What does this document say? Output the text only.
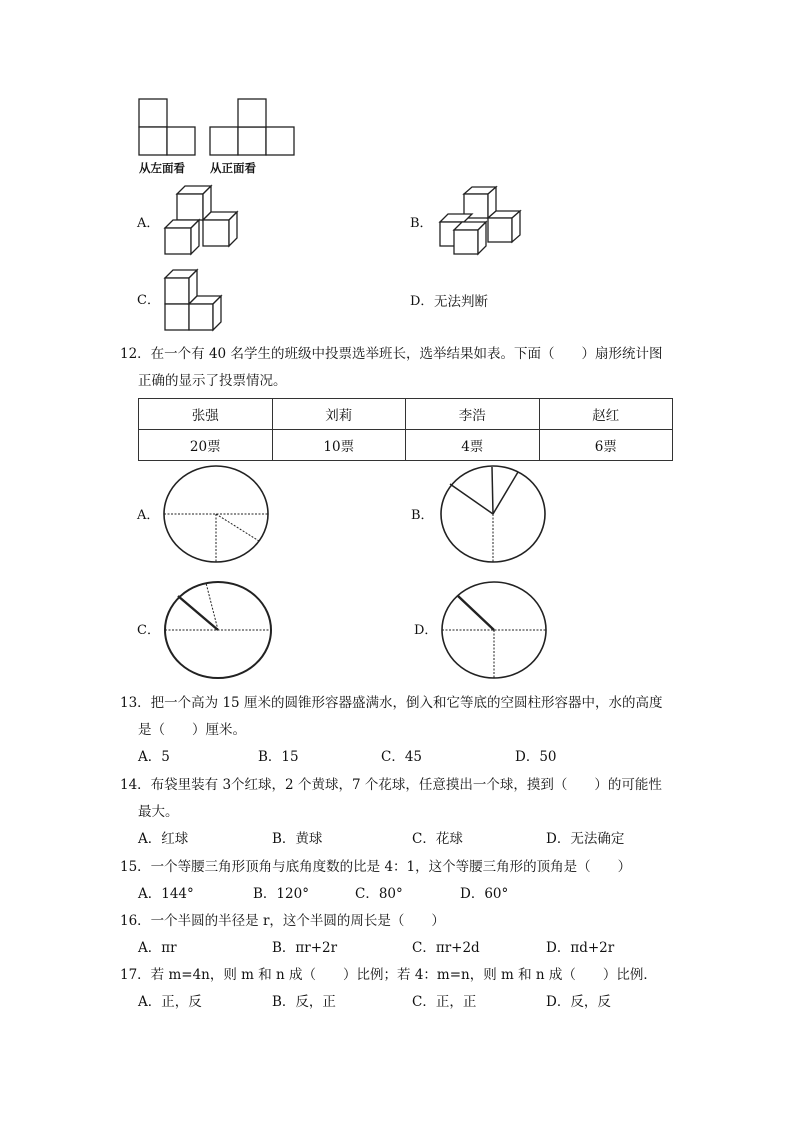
从左面看 从正面看
A．	B．
C．	D． 无法判断
12．在一个有 40 名学生的班级中投票选举班长，选举结果如表。下面（　　）扇形统计图
正确的显示了投票情况。
张强	刘莉	李浩	赵红
20票	10票	4票	6票
A．	B．
C．	D．
13．把一个高为 15 厘米的圆锥形容器盛满水，倒入和它等底的空圆柱形容器中，水的高度
是（　　）厘米。
A．5	B．15	C．45	D．50
14．布袋里装有 3个红球，2 个黄球，7 个花球，任意摸出一个球，摸到（　　）的可能性
最大。
A．红球	B．黄球	C．花球	D．无法确定
15．一个等腰三角形顶角与底角度数的比是 4：1，这个等腰三角形的顶角是（　　）
A．144°	B．120°	C．80°	D．60°
16．一个半圆的半径是 r，这个半圆的周长是（　　）
A．πr	B．πr+2r	C．πr+2d	D．πd+2r
17．若 m=4n，则 m 和 n 成（　　）比例；若 4：m=n，则 m 和 n 成（　　）比例．
A．正，反	B．反，正	C．正，正	D．反，反
